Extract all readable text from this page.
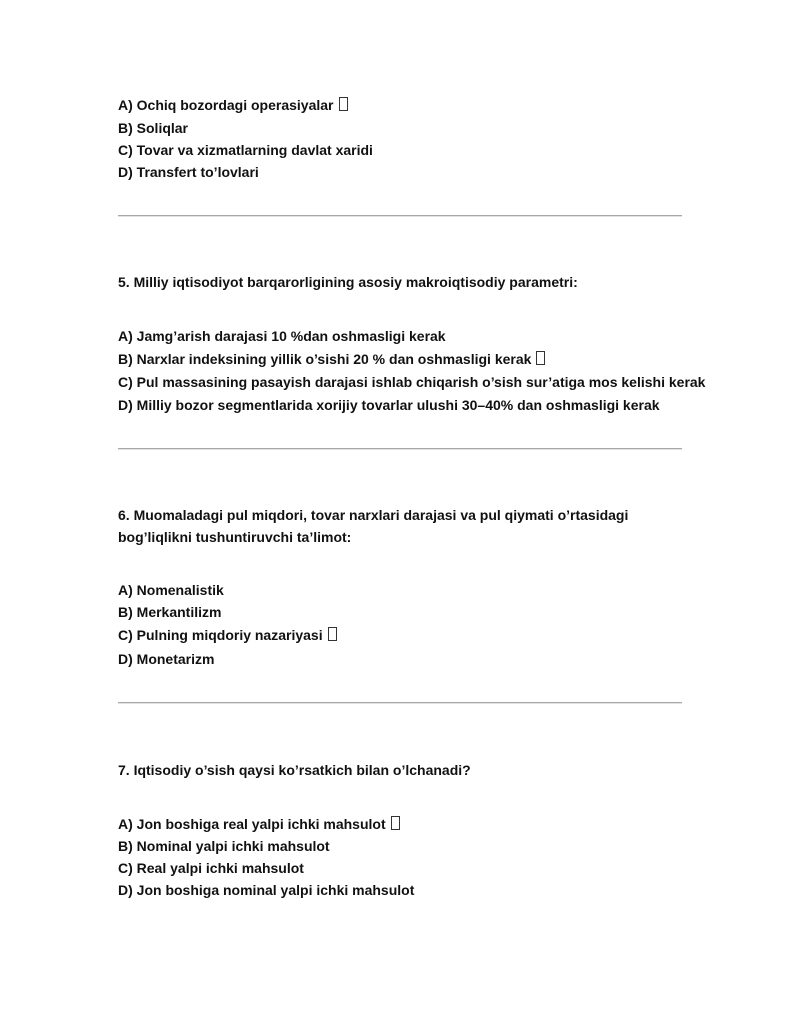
A) Ochiq bozordagi operasiyalar
B) Soliqlar
C) Tovar va xizmatlarning davlat xaridi
D) Transfert to’lovlari
5. Milliy iqtisodiyot barqarorligining asosiy makroiqtisodiy parametri:
A) Jamg’arish darajasi 10 %dan oshmasligi kerak
B) Narxlar indeksining yillik o’sishi 20 % dan oshmasligi kerak
C) Pul massasining pasayish darajasi ishlab chiqarish o’sish sur’atiga mos kelishi kerak
D) Milliy bozor segmentlarida xorijiy tovarlar ulushi 30–40% dan oshmasligi kerak
6. Muomaladagi pul miqdori, tovar narxlari darajasi va pul qiymati o’rtasidagi
bog’liqlikni tushuntiruvchi ta’limot:
A) Nomenalistik
B) Merkantilizm
C) Pulning miqdoriy nazariyasi
D) Monetarizm
7. Iqtisodiy o’sish qaysi ko’rsatkich bilan o’lchanadi?
A) Jon boshiga real yalpi ichki mahsulot
B) Nominal yalpi ichki mahsulot
C) Real yalpi ichki mahsulot
D) Jon boshiga nominal yalpi ichki mahsulot
